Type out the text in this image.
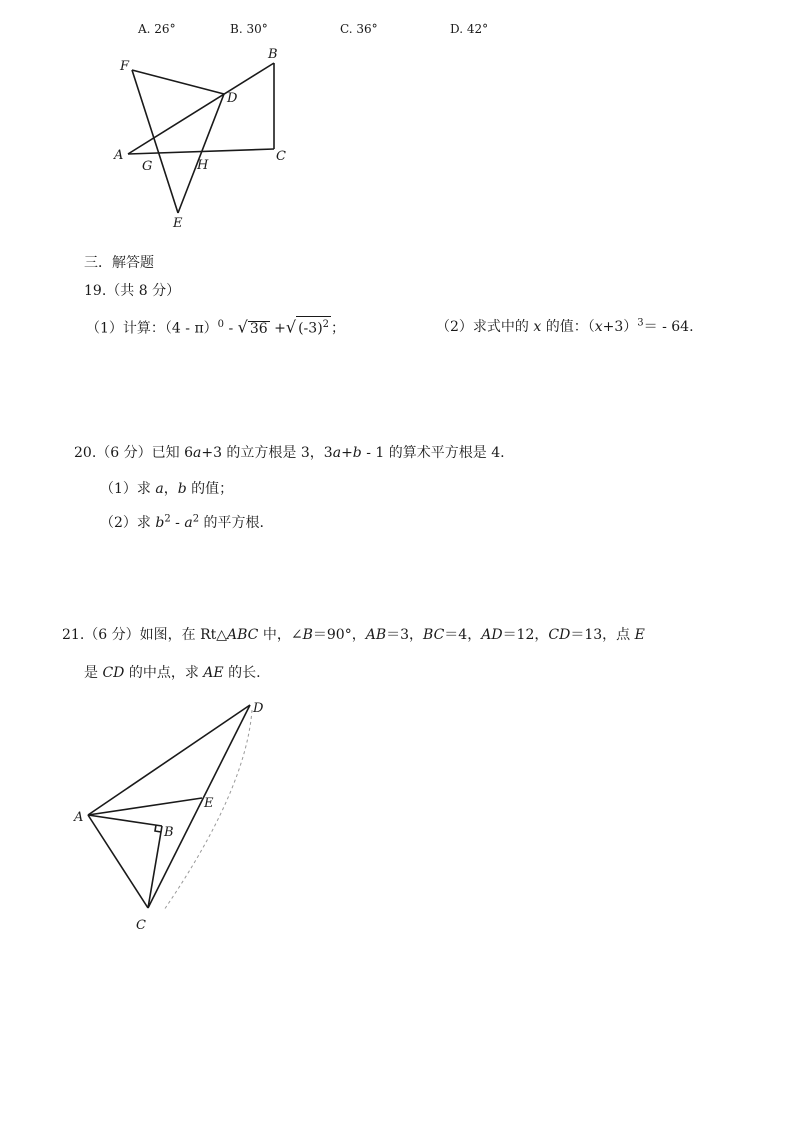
A. 26°	B. 30°	C. 36°	D. 42°
F
B
D
A
G	H
C
E
三．解答题
19.（共 8 分）
（1）计算：（4 - π）$^0$ - √ 36 +√ $(-3)^2$ ；	（2）求式中的 x 的值：$(x+3)^3= - 64$.
20.（6 分）已知 6a+3 的立方根是 3，3a+b - 1 的算术平方根是 4.
（1）求 a，b 的值；
（2）求 $b^2 - a^2$ 的平方根.
21.（6 分）如图，在 Rt△ABC 中，∠B＝90°，AB＝3，BC＝4，AD＝12，CD＝13，点 E
是 CD 的中点，求 AE 的长.
D
E
A
B
C
